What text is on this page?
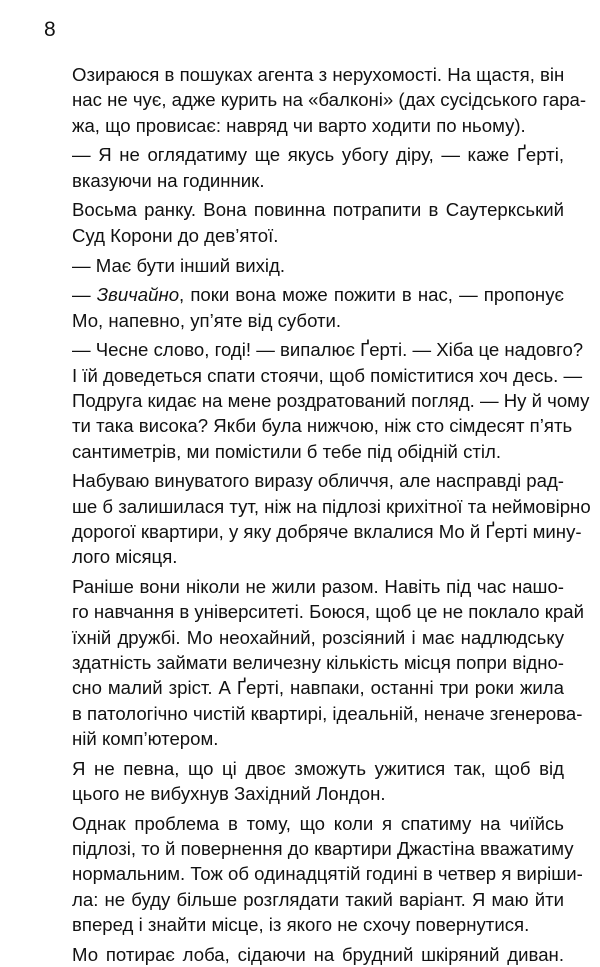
8
Озираюся в пошуках агента з нерухомості. На щастя, він
нас не чує, адже курить на «балконі» (дах сусідського гара-
жа, що провисає: навряд чи варто ходити по ньому).
— Я не оглядатиму ще якусь убогу діру, — каже Ґерті,
вказуючи на годинник.
Восьма ранку. Вона повинна потрапити в Саутеркський
Суд Корони до дев’ятої.
— Має бути інший вихід.
— Звичайно, поки вона може пожити в нас, — пропонує
Мо, напевно, уп’яте від суботи.
— Чесне слово, годі! — випалює Ґерті. — Хіба це надовго?
І їй доведеться спати стоячи, щоб поміститися хоч десь. —
Подруга кидає на мене роздратований погляд. — Ну й чому
ти така висока? Якби була нижчою, ніж сто сімдесят п’ять
сантиметрів, ми помістили б тебе під обідній стіл.
Набуваю винуватого виразу обличчя, але насправді рад-
ше б залишилася тут, ніж на підлозі крихітної та неймовірно
дорогої квартири, у яку добряче вклалися Мо й Ґерті мину-
лого місяця.
Раніше вони ніколи не жили разом. Навіть під час нашо-
го навчання в університеті. Боюся, щоб це не поклало край
їхній дружбі. Мо неохайний, розсіяний і має надлюдську
здатність займати величезну кількість місця попри відно-
сно малий зріст. А Ґерті, навпаки, останні три роки жила
в патологічно чистій квартирі, ідеальній, неначе згенерова-
ній комп’ютером.
Я не певна, що ці двоє зможуть ужитися так, щоб від
цього не вибухнув Західний Лондон.
Однак проблема в тому, що коли я спатиму на чиїйсь
підлозі, то й повернення до квартири Джастіна вважатиму
нормальним. Тож об одинадцятій годині в четвер я виріши-
ла: не буду більше розглядати такий варіант. Я маю йти
вперед і знайти місце, із якого не схочу повернутися.
Мо потирає лоба, сідаючи на брудний шкіряний диван.
